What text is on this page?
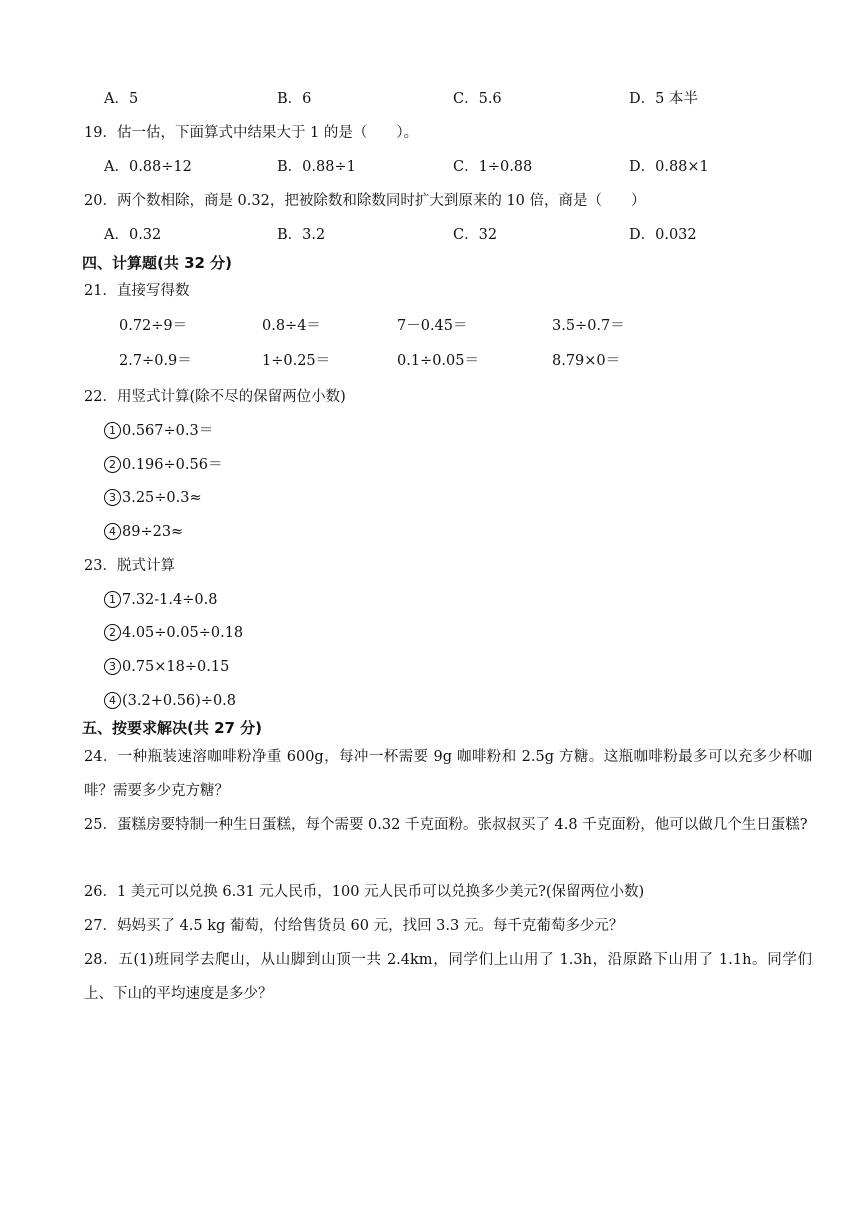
A．5	B．6	C．5.6	D．5 本半
19．估一估，下面算式中结果大于 1 的是（　　）。
A．0.88÷12	B．0.88÷1	C．1÷0.88	D．0.88×1
20．两个数相除，商是 0.32，把被除数和除数同时扩大到原来的 10 倍，商是（　　）
A．0.32	B．3.2	C．32	D．0.032
四、计算题(共 32 分)
21．直接写得数
0.72÷9＝	0.8÷4＝	7－0.45＝	3.5÷0.7＝
2.7÷0.9＝	1÷0.25＝	0.1÷0.05＝	8.79×0＝
22．用竖式计算(除不尽的保留两位小数)
1 0.567÷0.3＝
2 0.196÷0.56＝
3 3.25÷0.3≈
4 89÷23≈
23．脱式计算
1 7.32-1.4÷0.8
2 4.05÷0.05÷0.18
3 0.75×18÷0.15
4 (3.2+0.56)÷0.8
五、按要求解决(共 27 分)
24．一种瓶装速溶咖啡粉净重 600g，每冲一杯需要 9g 咖啡粉和 2.5g 方糖。这瓶咖啡粉最多可以充多少杯咖啡？需要多少克方糖？
25．蛋糕房要特制一种生日蛋糕，每个需要 0.32 千克面粉。张叔叔买了 4.8 千克面粉，他可以做几个生日蛋糕?
26．1 美元可以兑换 6.31 元人民币，100 元人民币可以兑换多少美元?(保留两位小数)
27．妈妈买了 4.5 kg 葡萄，付给售货员 60 元，找回 3.3 元。每千克葡萄多少元？
28．五(1)班同学去爬山，从山脚到山顶一共 2.4km，同学们上山用了 1.3h，沿原路下山用了 1.1h。同学们上、下山的平均速度是多少？
